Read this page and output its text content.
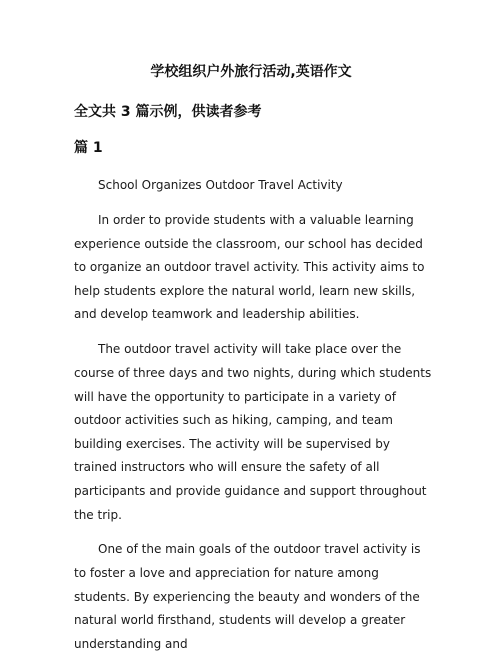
学校组织户外旅行活动,英语作文
全文共 3 篇示例，供读者参考
篇 1

School Organizes Outdoor Travel Activity

In order to provide students with a valuable learning experience outside the classroom, our school has decided to organize an outdoor travel activity. This activity aims to help students explore the natural world, learn new skills, and develop teamwork and leadership abilities.

The outdoor travel activity will take place over the course of three days and two nights, during which students will have the opportunity to participate in a variety of outdoor activities such as hiking, camping, and team building exercises. The activity will be supervised by trained instructors who will ensure the safety of all participants and provide guidance and support throughout the trip.

One of the main goals of the outdoor travel activity is to foster a love and appreciation for nature among students. By experiencing the beauty and wonders of the natural world firsthand, students will develop a greater understanding and
